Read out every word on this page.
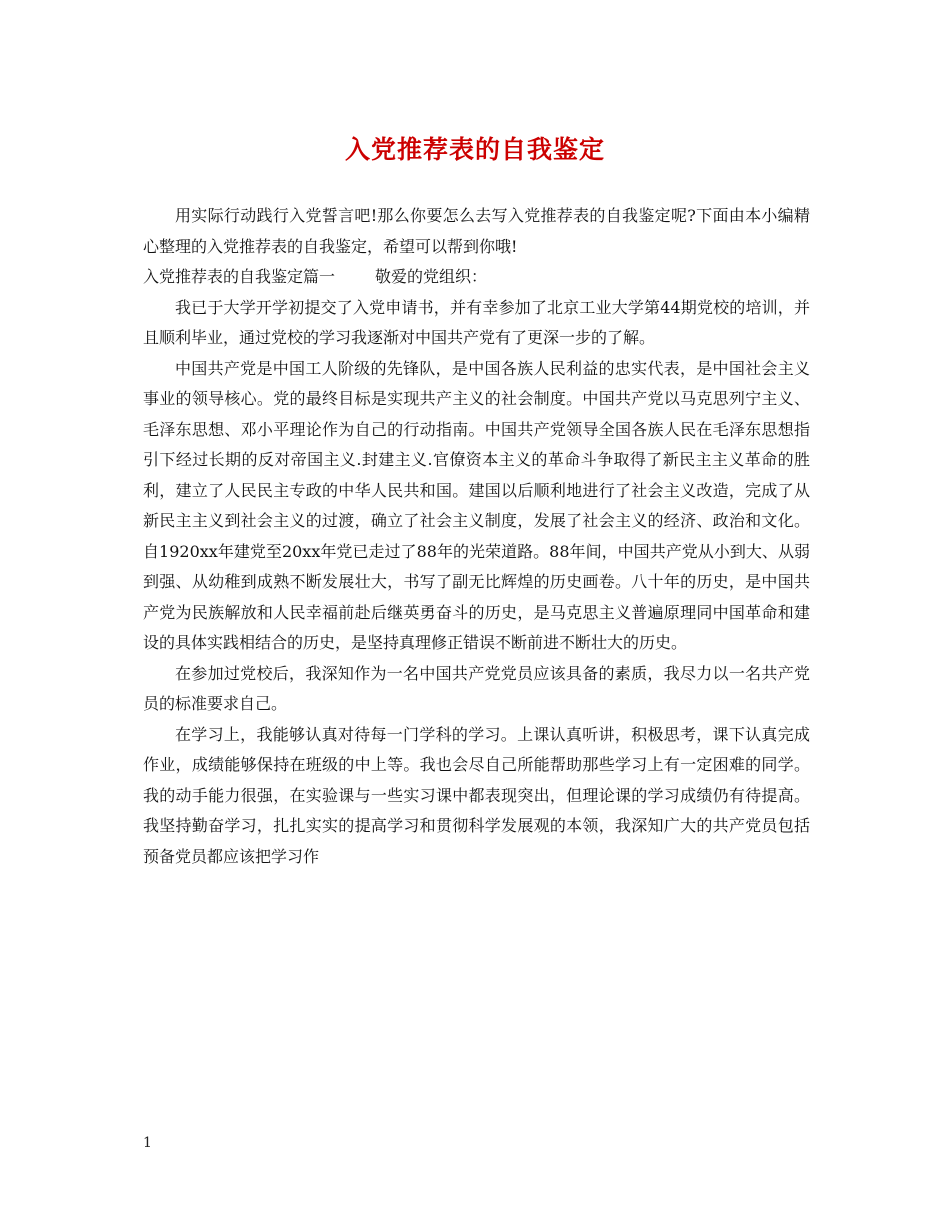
入党推荐表的自我鉴定

用实际行动践行入党誓言吧!那么你要怎么去写入党推荐表的自我鉴定呢?下面由本小编精心整理的入党推荐表的自我鉴定，希望可以帮到你哦!

入党推荐表的自我鉴定篇一	敬爱的党组织：

我已于大学开学初提交了入党申请书，并有幸参加了北京工业大学第44期党校的培训，并且顺利毕业，通过党校的学习我逐渐对中国共产党有了更深一步的了解。

中国共产党是中国工人阶级的先锋队，是中国各族人民利益的忠实代表，是中国社会主义事业的领导核心。党的最终目标是实现共产主义的社会制度。中国共产党以马克思列宁主义、毛泽东思想、邓小平理论作为自己的行动指南。中国共产党领导全国各族人民在毛泽东思想指引下经过长期的反对帝国主义.封建主义.官僚资本主义的革命斗争取得了新民主主义革命的胜利，建立了人民民主专政的中华人民共和国。建国以后顺利地进行了社会主义改造，完成了从新民主主义到社会主义的过渡，确立了社会主义制度，发展了社会主义的经济、政治和文化。自1920xx年建党至20xx年党已走过了88年的光荣道路。88年间，中国共产党从小到大、从弱到强、从幼稚到成熟不断发展壮大，书写了副无比辉煌的历史画卷。八十年的历史，是中国共产党为民族解放和人民幸福前赴后继英勇奋斗的历史，是马克思主义普遍原理同中国革命和建设的具体实践相结合的历史，是坚持真理修正错误不断前进不断壮大的历史。

在参加过党校后，我深知作为一名中国共产党党员应该具备的素质，我尽力以一名共产党员的标准要求自己。

在学习上，我能够认真对待每一门学科的学习。上课认真听讲，积极思考，课下认真完成作业，成绩能够保持在班级的中上等。我也会尽自己所能帮助那些学习上有一定困难的同学。我的动手能力很强，在实验课与一些实习课中都表现突出，但理论课的学习成绩仍有待提高。我坚持勤奋学习，扎扎实实的提高学习和贯彻科学发展观的本领，我深知广大的共产党员包括预备党员都应该把学习作

1
